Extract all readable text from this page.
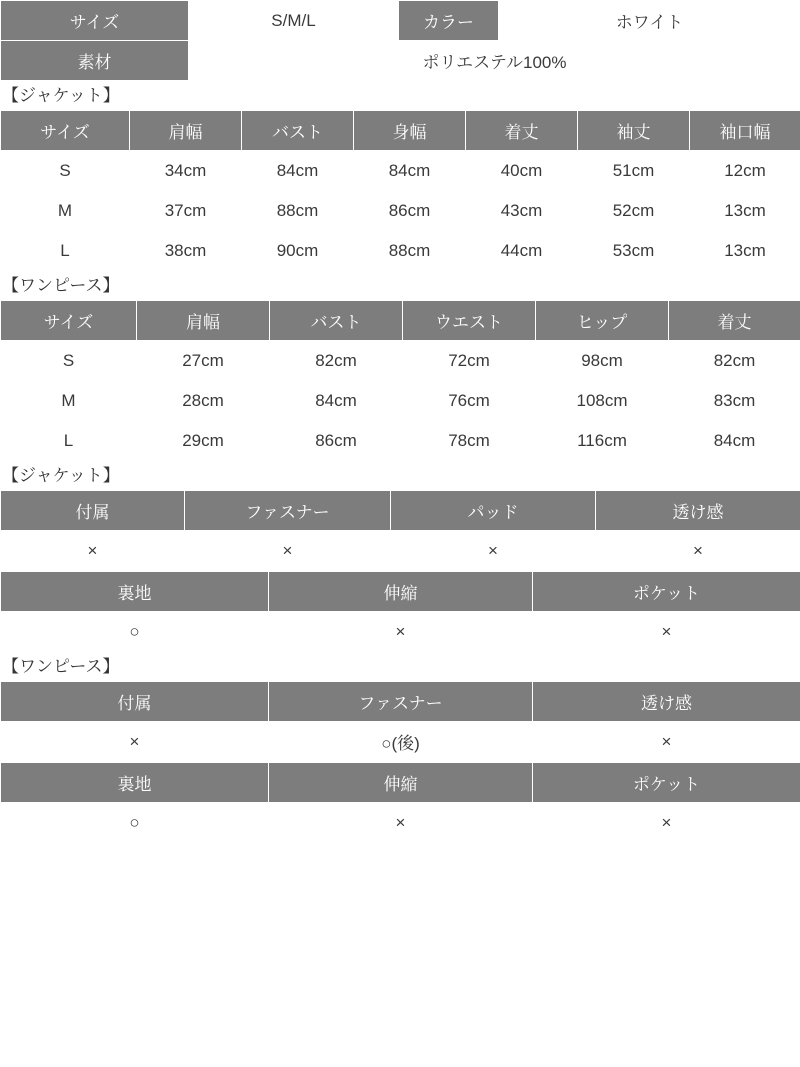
サイズ	S/M/L	カラー	ホワイト
素材	ポリエステル100%		
【ジャケット】
サイズ	肩幅	バスト	身幅	着丈	袖丈	袖口幅
S	34cm	84cm	84cm	40cm	51cm	12cm
M	37cm	88cm	86cm	43cm	52cm	13cm
L	38cm	90cm	88cm	44cm	53cm	13cm
【ワンピース】
サイズ	肩幅	バスト	ウエスト	ヒップ	着丈
S	27cm	82cm	72cm	98cm	82cm
M	28cm	84cm	76cm	108cm	83cm
L	29cm	86cm	78cm	116cm	84cm
【ジャケット】
付属	ファスナー	パッド	透け感
×	×	×	×
裏地	伸縮	ポケット
○	×	×
【ワンピース】
付属	ファスナー	透け感
×	○(後)	×
裏地	伸縮	ポケット
○	×	×
